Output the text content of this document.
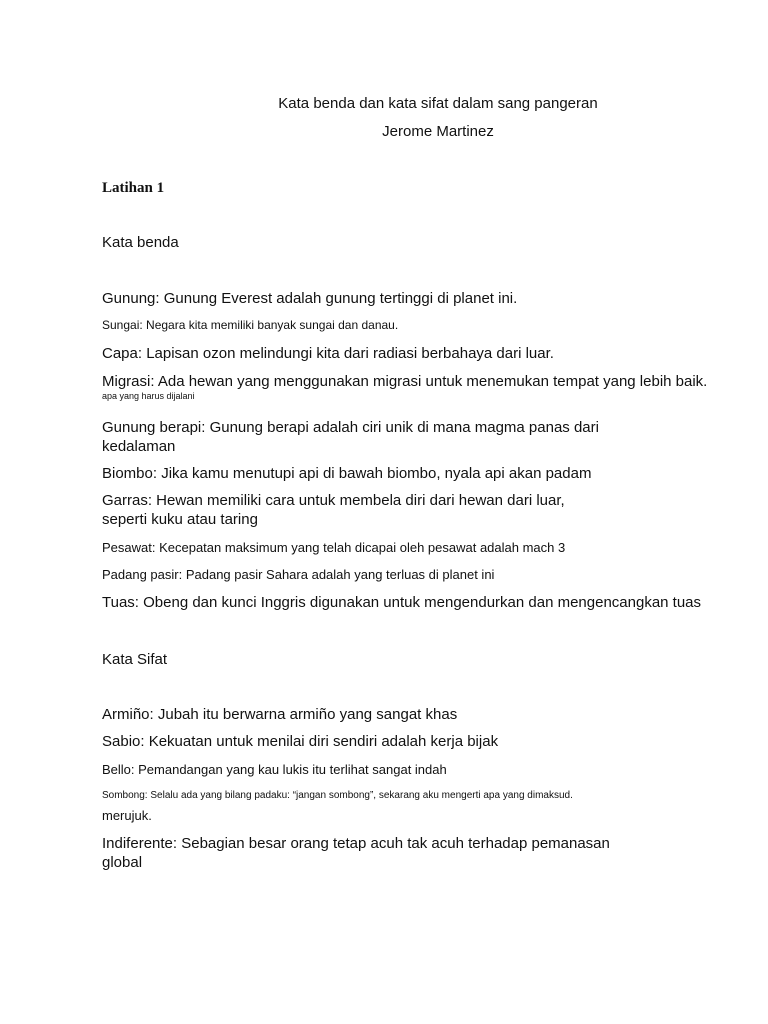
Kata benda dan kata sifat dalam sang pangeran
Jerome Martinez
Latihan 1
Kata benda
Gunung: Gunung Everest adalah gunung tertinggi di planet ini.
Sungai: Negara kita memiliki banyak sungai dan danau.
Capa: Lapisan ozon melindungi kita dari radiasi berbahaya dari luar.
Migrasi: Ada hewan yang menggunakan migrasi untuk menemukan tempat yang lebih baik.
apa yang harus dijalani
Gunung berapi: Gunung berapi adalah ciri unik di mana magma panas dari
kedalaman
Biombo: Jika kamu menutupi api di bawah biombo, nyala api akan padam
Garras: Hewan memiliki cara untuk membela diri dari hewan dari luar,
seperti kuku atau taring
Pesawat: Kecepatan maksimum yang telah dicapai oleh pesawat adalah mach 3
Padang pasir: Padang pasir Sahara adalah yang terluas di planet ini
Tuas: Obeng dan kunci Inggris digunakan untuk mengendurkan dan mengencangkan tuas
Kata Sifat
Armiño: Jubah itu berwarna armiño yang sangat khas
Sabio: Kekuatan untuk menilai diri sendiri adalah kerja bijak
Bello: Pemandangan yang kau lukis itu terlihat sangat indah
Sombong: Selalu ada yang bilang padaku: “jangan sombong”, sekarang aku mengerti apa yang dimaksud.
merujuk.
Indiferente: Sebagian besar orang tetap acuh tak acuh terhadap pemanasan
global
